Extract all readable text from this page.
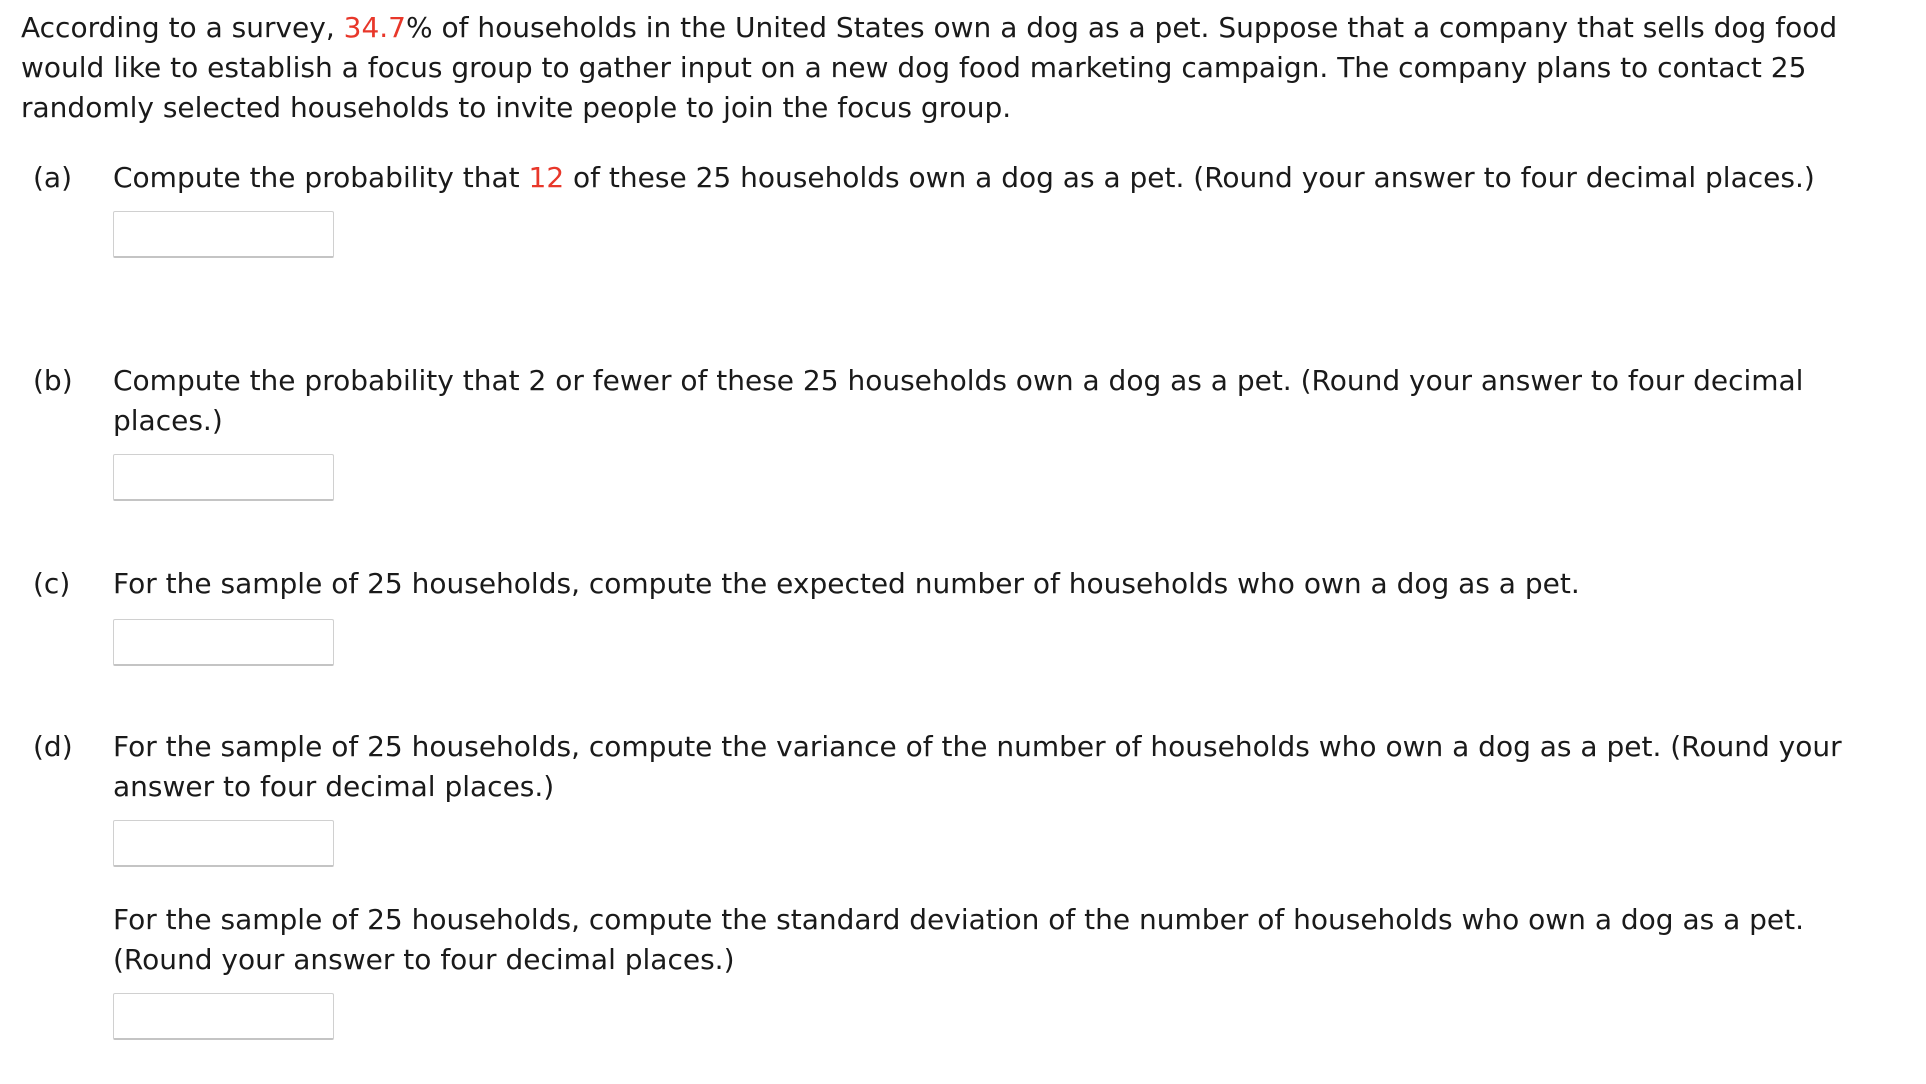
According to a survey, 34.7% of households in the United States own a dog as a pet. Suppose that a company that sells dog food would like to establish a focus group to gather input on a new dog food marketing campaign. The company plans to contact 25 randomly selected households to invite people to join the focus group.

(a)	Compute the probability that 12 of these 25 households own a dog as a pet. (Round your answer to four decimal places.)

(b)	Compute the probability that 2 or fewer of these 25 households own a dog as a pet. (Round your answer to four decimal places.)

(c)	For the sample of 25 households, compute the expected number of households who own a dog as a pet.

(d)	For the sample of 25 households, compute the variance of the number of households who own a dog as a pet. (Round your answer to four decimal places.)

For the sample of 25 households, compute the standard deviation of the number of households who own a dog as a pet. (Round your answer to four decimal places.)
